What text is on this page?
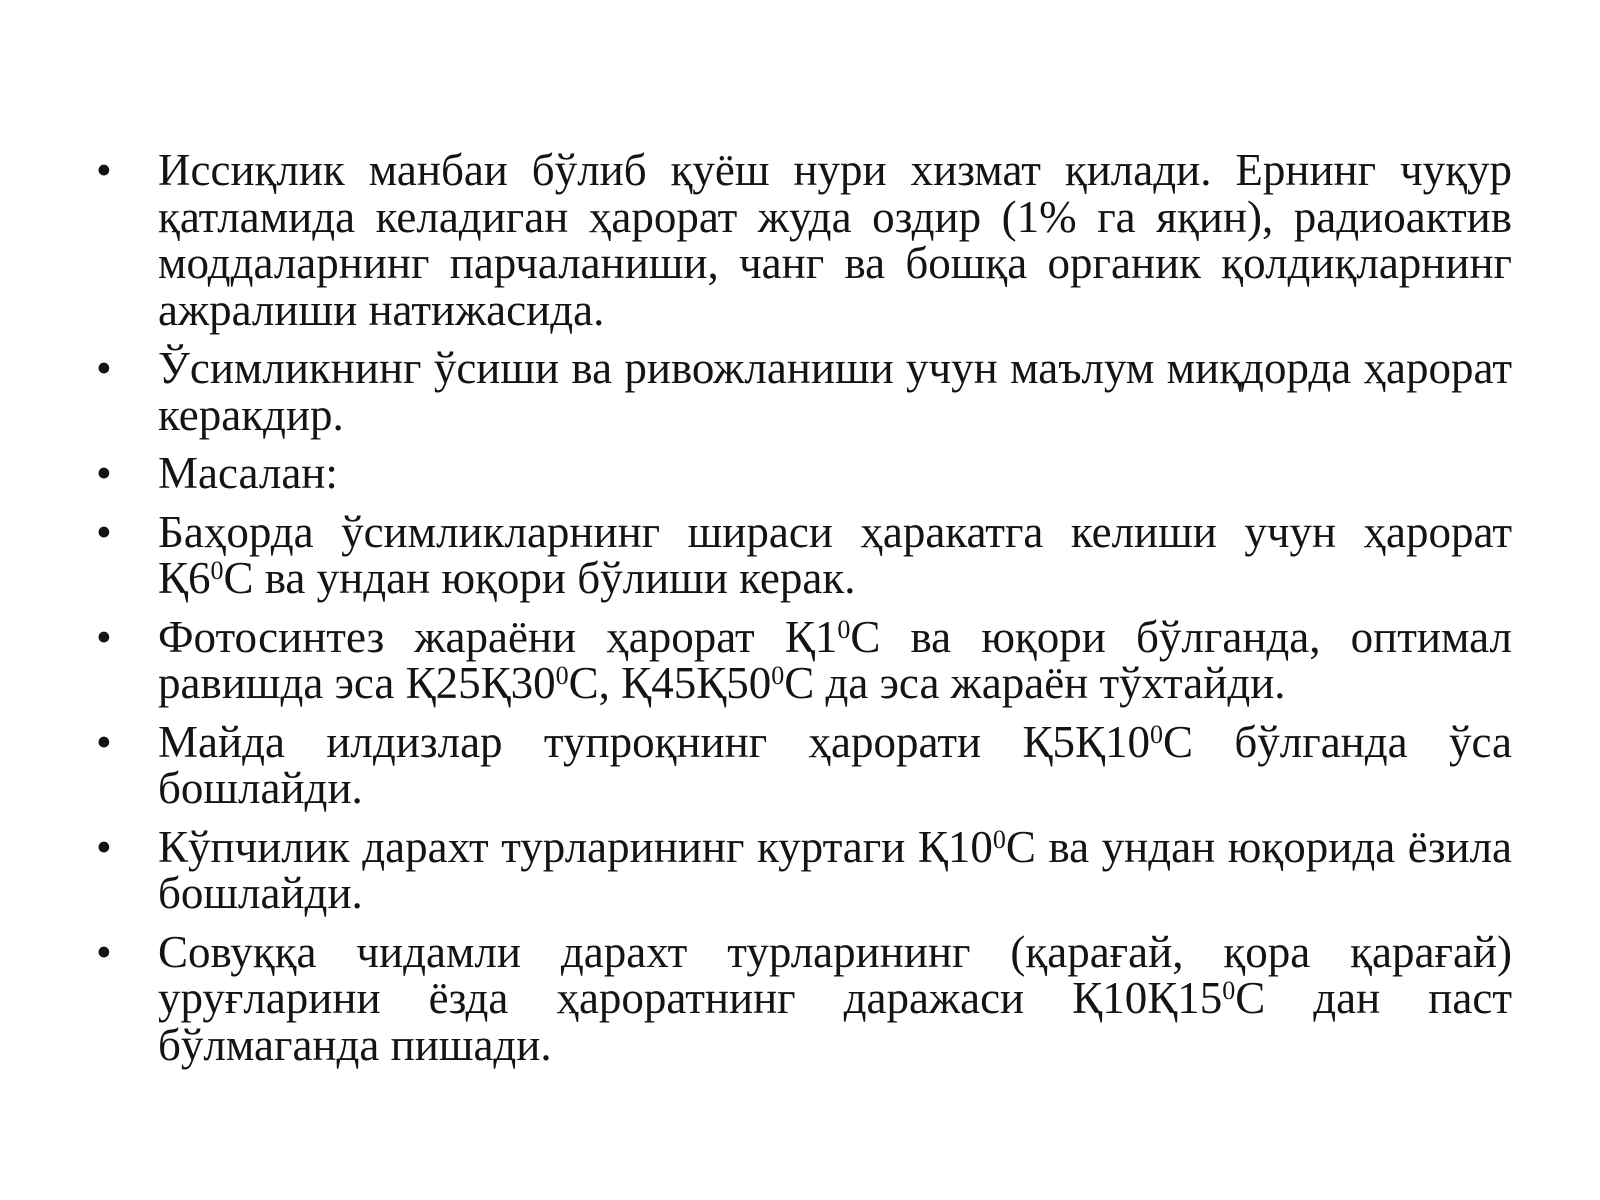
• Иссиқлик манбаи бўлиб қуёш нури хизмат қилади. Ернинг чуқур қатламида келадиган ҳарорат жуда оздир (1% га яқин), радиоактив моддаларнинг парчаланиши, чанг ва бошқа органик қолдиқларнинг ажралиши натижасида.
• Ўсимликнинг ўсиши ва ривожланиши учун маълум миқдорда ҳарорат керакдир.
• Масалан:
• Баҳорда ўсимликларнинг шираси ҳаракатга келиши учун ҳарорат $Қ6^0С$ ва ундан юқори бўлиши керак.
• Фотосинтез жараёни ҳарорат $Қ1^0С$ ва юқори бўлганда, оптимал равишда эса $Қ25Қ30^0С$, $Қ45Қ50^0С$ да эса жараён тўхтайди.
• Майда илдизлар тупроқнинг ҳарорати $Қ5Қ10^0С$ бўлганда ўса бошлайди.
• Кўпчилик дарахт турларининг куртаги $Қ10^0С$ ва ундан юқорида ёзила бошлайди.
• Совуққа чидамли дарахт турларининг (қарағай, қора қарағай) уруғларини ёзда ҳароратнинг даражаси $Қ10Қ15^0С$ дан паст бўлмаганда пишади.
